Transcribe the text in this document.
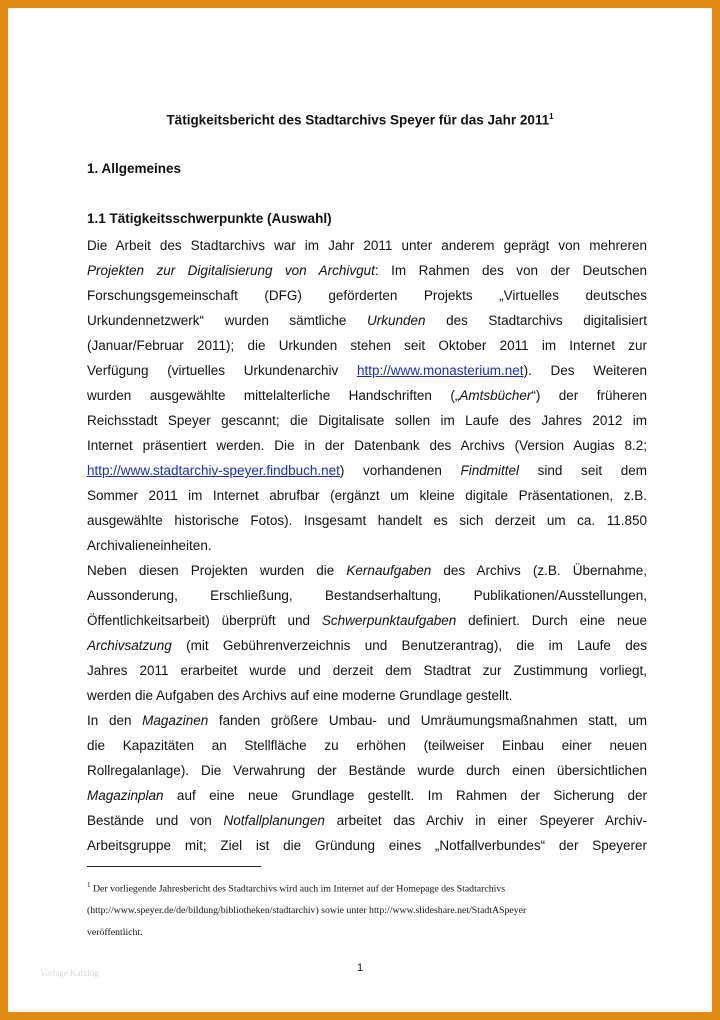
Tätigkeitsbericht des Stadtarchivs Speyer für das Jahr 2011$^1$
1. Allgemeines
1.1 Tätigkeitsschwerpunkte (Auswahl)
Die Arbeit des Stadtarchivs war im Jahr 2011 unter anderem geprägt von mehreren
Projekten zur Digitalisierung von Archivgut: Im Rahmen des von der Deutschen
Forschungsgemeinschaft (DFG) geförderten Projekts „Virtuelles deutsches
Urkundennetzwerk“ wurden sämtliche Urkunden des Stadtarchivs digitalisiert
(Januar/Februar 2011); die Urkunden stehen seit Oktober 2011 im Internet zur
Verfügung (virtuelles Urkundenarchiv http://www.monasterium.net). Des Weiteren
wurden ausgewählte mittelalterliche Handschriften („Amtsbücher“) der früheren
Reichsstadt Speyer gescannt; die Digitalisate sollen im Laufe des Jahres 2012 im
Internet präsentiert werden. Die in der Datenbank des Archivs (Version Augias 8.2;
http://www.stadtarchiv-speyer.findbuch.net) vorhandenen Findmittel sind seit dem
Sommer 2011 im Internet abrufbar (ergänzt um kleine digitale Präsentationen, z.B.
ausgewählte historische Fotos). Insgesamt handelt es sich derzeit um ca. 11.850
Archivalieneinheiten.
Neben diesen Projekten wurden die Kernaufgaben des Archivs (z.B. Übernahme,
Aussonderung, Erschließung, Bestandserhaltung, Publikationen/Ausstellungen,
Öffentlichkeitsarbeit) überprüft und Schwerpunktaufgaben definiert. Durch eine neue
Archivsatzung (mit Gebührenverzeichnis und Benutzerantrag), die im Laufe des
Jahres 2011 erarbeitet wurde und derzeit dem Stadtrat zur Zustimmung vorliegt,
werden die Aufgaben des Archivs auf eine moderne Grundlage gestellt.
In den Magazinen fanden größere Umbau- und Umräumungsmaßnahmen statt, um
die Kapazitäten an Stellfläche zu erhöhen (teilweiser Einbau einer neuen
Rollregalanlage). Die Verwahrung der Bestände wurde durch einen übersichtlichen
Magazinplan auf eine neue Grundlage gestellt. Im Rahmen der Sicherung der
Bestände und von Notfallplanungen arbeitet das Archiv in einer Speyerer Archiv-
Arbeitsgruppe mit; Ziel ist die Gründung eines „Notfallverbundes“ der Speyerer
$^1$ Der vorliegende Jahresbericht des Stadtarchivs wird auch im Internet auf der Homepage des Stadtarchivs
(http://www.speyer.de/de/bildung/bibliotheken/stadtarchiv) sowie unter http://www.slideshare.net/StadtASpeyer
veröffentlicht.
Vorlage Katalog	1
